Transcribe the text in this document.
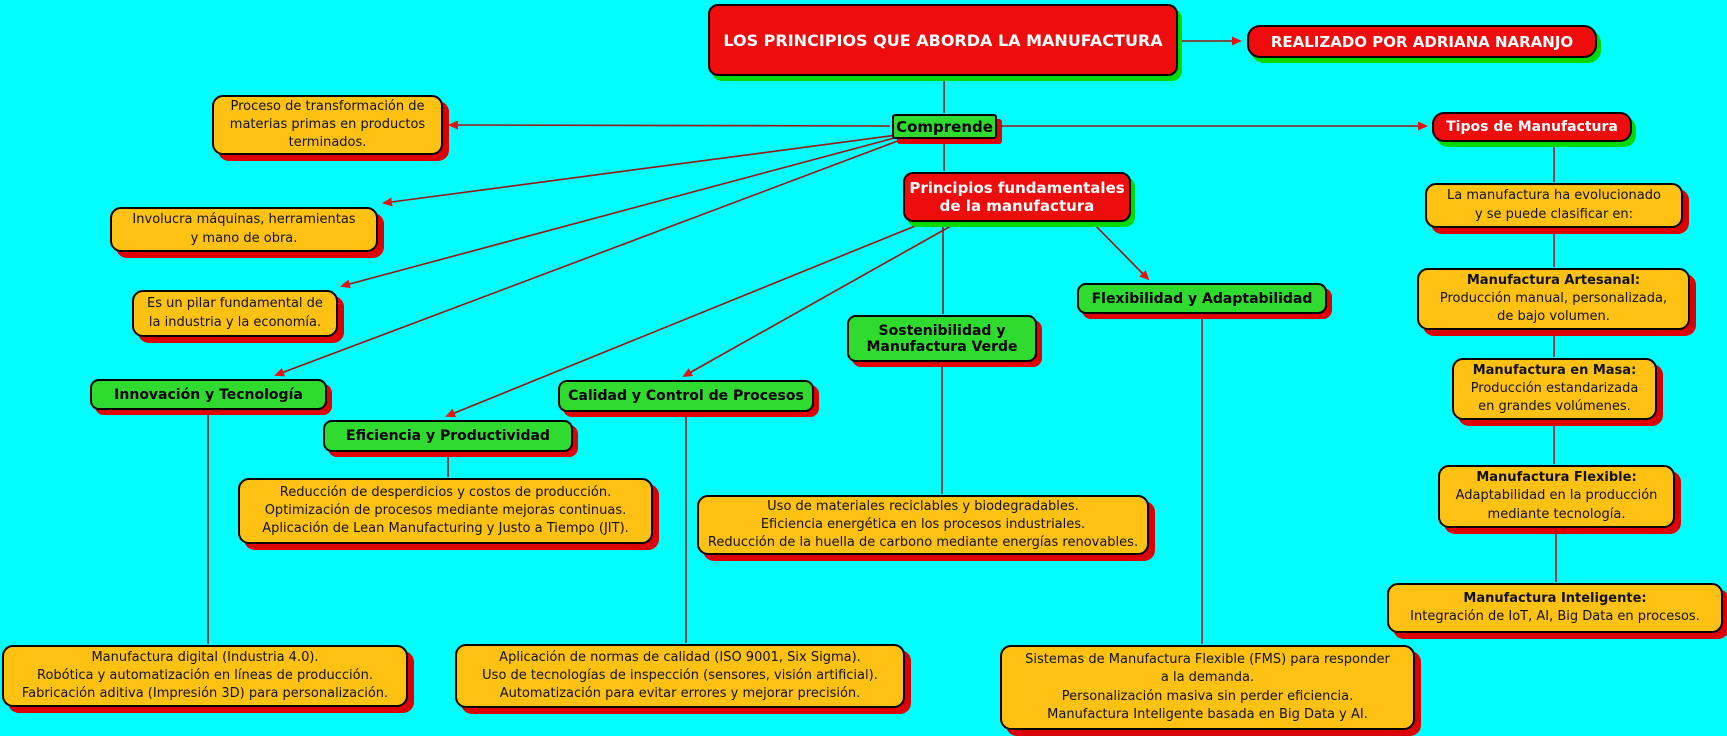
LOS PRINCIPIOS QUE ABORDA LA MANUFACTURA	REALIZADO POR ADRIANA NARANJO
Comprende
Principios fundamentales
de la manufactura
Tipos de Manufactura
Proceso de transformación de
materias primas en productos
terminados.
Involucra máquinas, herramientas
y mano de obra.
Es un pilar fundamental de
la industria y la economía.
Innovación y Tecnología
Eficiencia y Productividad
Calidad y Control de Procesos
Sostenibilidad y
Manufactura Verde
Flexibilidad y Adaptabilidad
Reducción de desperdicios y costos de producción.
Optimización de procesos mediante mejoras continuas.
Aplicación de Lean Manufacturing y Justo a Tiempo (JIT).
Uso de materiales reciclables y biodegradables.
Eficiencia energética en los procesos industriales.
Reducción de la huella de carbono mediante energías renovables.
Manufactura digital (Industria 4.0).
Robótica y automatización en líneas de producción.
Fabricación aditiva (Impresión 3D) para personalización.
Aplicación de normas de calidad (ISO 9001, Six Sigma).
Uso de tecnologías de inspección (sensores, visión artificial).
Automatización para evitar errores y mejorar precisión.
Sistemas de Manufactura Flexible (FMS) para responder
a la demanda.
Personalización masiva sin perder eficiencia.
Manufactura Inteligente basada en Big Data y AI.
La manufactura ha evolucionado
y se puede clasificar en:
Manufactura Artesanal:
Producción manual, personalizada,
de bajo volumen.
Manufactura en Masa:
Producción estandarizada
en grandes volúmenes.
Manufactura Flexible:
Adaptabilidad en la producción
mediante tecnología.
Manufactura Inteligente:
Integración de IoT, AI, Big Data en procesos.
